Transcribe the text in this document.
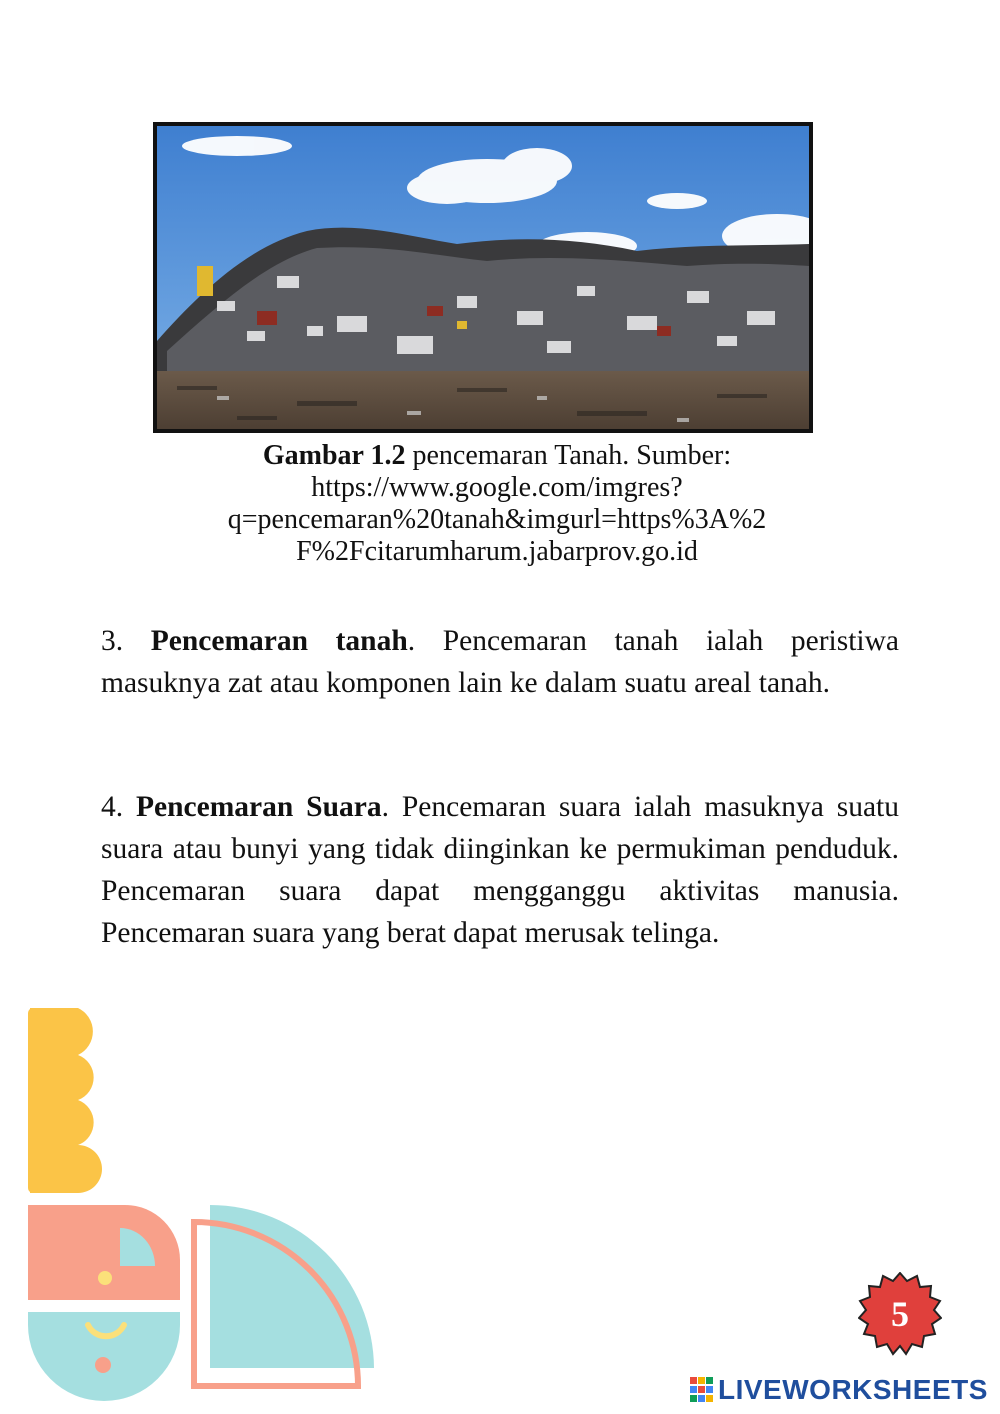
Gambar 1.2 pencemaran Tanah. Sumber:
https://www.google.com/imgres?
q=pencemaran%20tanah&imgurl=https%3A%2
F%2Fcitarumharum.jabarprov.go.id
3. Pencemaran tanah. Pencemaran tanah ialah peristiwa masuknya zat atau komponen lain ke dalam suatu areal tanah.
4. Pencemaran Suara. Pencemaran suara ialah masuknya suatu suara atau bunyi yang tidak diinginkan ke permukiman penduduk. Pencemaran suara dapat mengganggu aktivitas manusia. Pencemaran suara yang berat dapat merusak telinga.
5
LIVEWORKSHEETS
